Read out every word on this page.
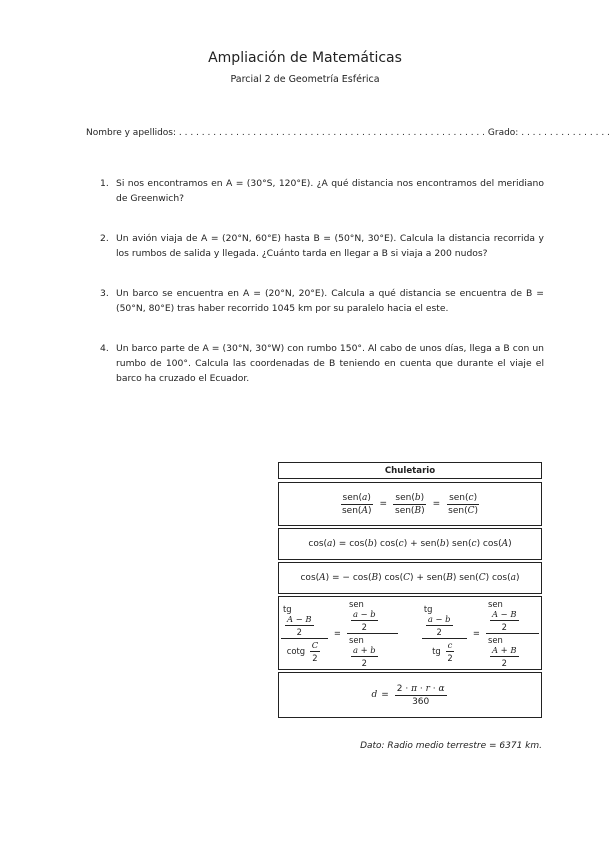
Ampliación de Matemáticas
Parcial 2 de Geometría Esférica
Nombre y apellidos: . . . . . . . . . . . . . . . . . . . . . . . . . . . . . . . . . . . . . . . . . . . . . . . . . . . . . . Grado: . . . . . . . . . . . . . . . .
1. Si nos encontramos en A = (30°S, 120°E). ¿A qué distancia nos encontramos del meridiano de Greenwich?
2. Un avión viaja de A = (20°N, 60°E) hasta B = (50°N, 30°E). Calcula la distancia recorrida y los rumbos de salida y llegada. ¿Cuánto tarda en llegar a B si viaja a 200 nudos?
3. Un barco se encuentra en A = (20°N, 20°E). Calcula a qué distancia se encuentra de B = (50°N, 80°E) tras haber recorrido 1045 km por su paralelo hacia el este.
4. Un barco parte de A = (30°N, 30°W) con rumbo 150°. Al cabo de unos días, llega a B con un rumbo de 100°. Calcula las coordenadas de B teniendo en cuenta que durante el viaje el barco ha cruzado el Ecuador.
Chuletario
$\frac{\text{sen(a)}}{\text{sen(A)}} = \frac{\text{sen(b)}}{\text{sen(B)}} = \frac{\text{sen(c)}}{\text{sen(C)}}$
cos(a) = cos(b) cos(c) + sen(b) sen(c) cos(A)
cos(A) = − cos(B) cos(C) + sen(B) sen(C) cos(a)
tg
$\frac{A - B}{2}$
cotg $\frac{C}{2}$ = sen
$\frac{a - b}{2}$
sen
$\frac{a + b}{2}$	tg
$\frac{a - b}{2}$
tg $\frac{c}{2}$ = sen
$\frac{A - B}{2}$
sen
$\frac{A + B}{2}$
$d = \frac{2 \cdot \pi \cdot r \cdot \alpha}{360}$
Dato: Radio medio terrestre = 6371 km.
